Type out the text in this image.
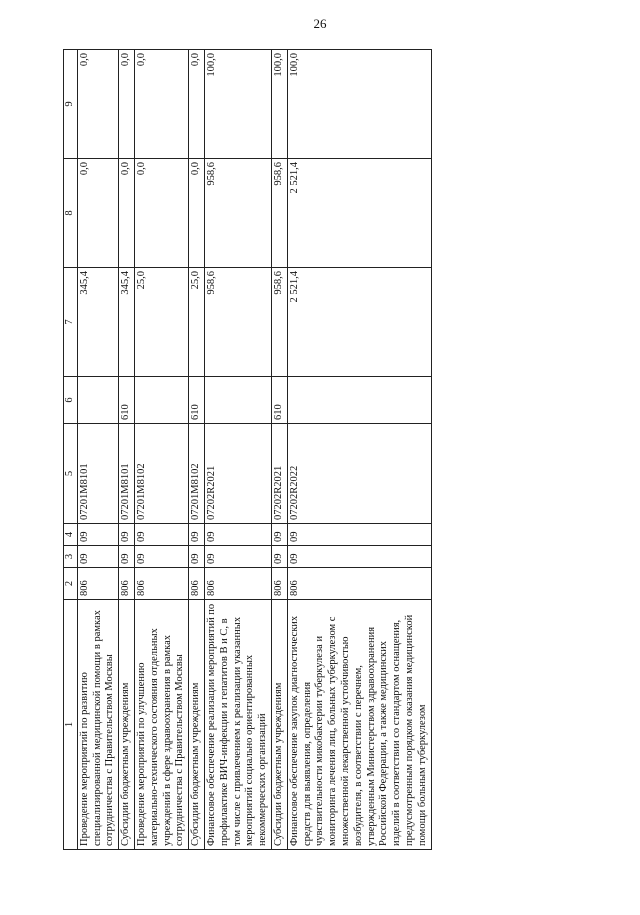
26
1	2	3	4	5	6	7	8	9
Проведение мероприятий по развитию специализированной медицинской помощи в рамках сотрудничества с Правительством Москвы	806	09	09	07201М8101		345,4	0,0	0,0
Субсидии бюджетным учреждениям	806	09	09	07201М8101	610	345,4	0,0	0,0
Проведение мероприятий по улучшению материально-технического состояния отдельных учреждений в сфере здравоохранения в рамках сотрудничества с Правительством Москвы	806	09	09	07201М8102		25,0	0,0	0,0
Субсидии бюджетным учреждениям	806	09	09	07201М8102	610	25,0	0,0	0,0
Финансовое обеспечение реализации мероприятий по профилактике ВИЧ-инфекции и гепатитов В и С, в том числе с привлечением к реализации указанных мероприятий социально ориентированных некоммерческих организаций	806	09	09	07202R2021		958,6	958,6	100,0
Субсидии бюджетным учреждениям	806	09	09	07202R2021	610	958,6	958,6	100,0
Финансовое обеспечение закупок диагностических средств для выявления, определения чувствительности микобактерии туберкулеза и мониторинга лечения лиц, больных туберкулезом с множественной лекарственной устойчивостью возбудителя, в соответствии с перечнем, утвержденным Министерством здравоохранения Российской Федерации, а также медицинских изделий в соответствии со стандартом оснащения, предусмотренным порядком оказания медицинской помощи больным туберкулезом	806	09	09	07202R2022		2 521,4	2 521,4	100,0
